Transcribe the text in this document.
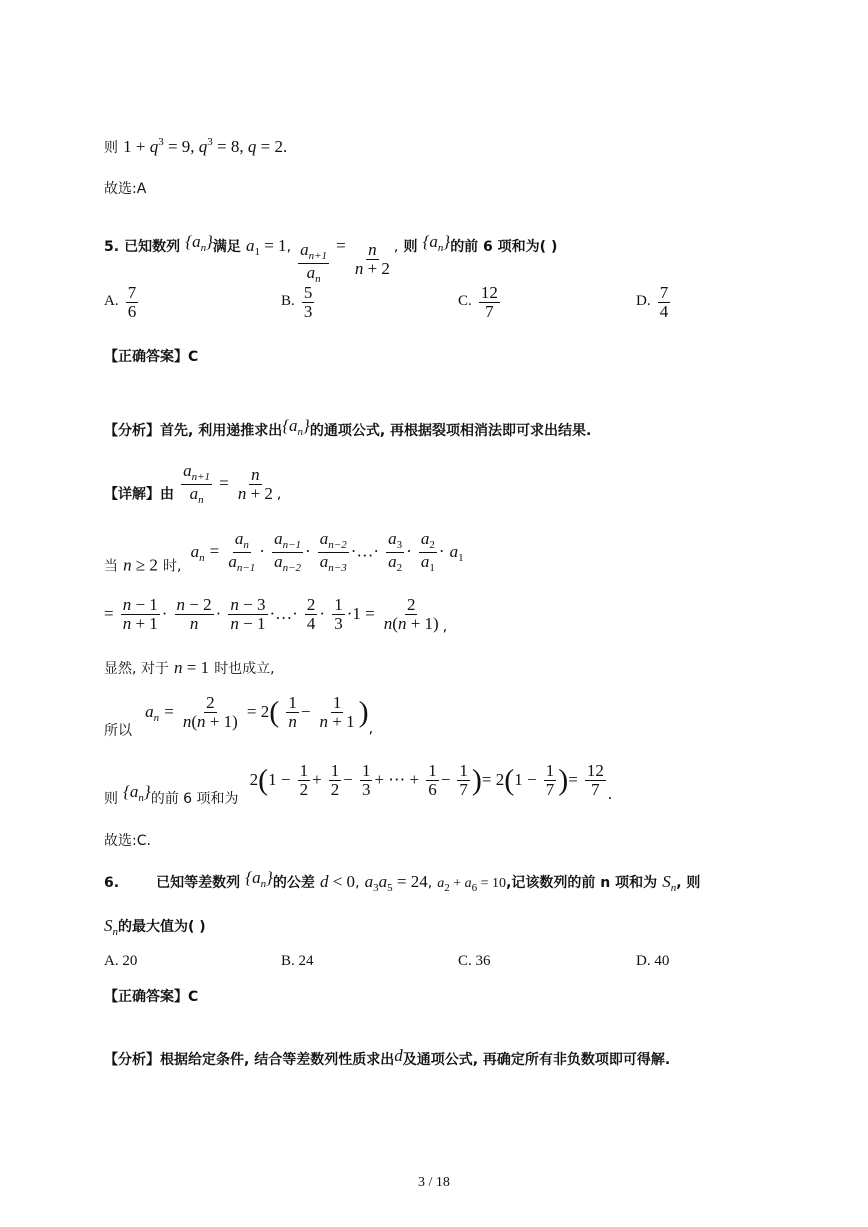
则 $1 + q^3 = 9$, $q^3 = 8$, q = 2.
故选:A
5. 已知数列 $\{a_n\}$满足 $a_1 = 1$, $\frac{a_{n+1}}{a_n} = \frac{n}{n + 2}$ , 则 $\{a_n\}$的前 6 项和为( )
A. $\frac{7}{6}$	B. $\frac{5}{3}$	C. $\frac{12}{7}$	D. $\frac{7}{4}$
【正确答案】C
【分析】首先, 利用递推求出$\{a_n\}$的通项公式, 再根据裂项相消法即可求出结果.
【详解】由 $\frac{a_{n+1}}{a_n} = \frac{n}{n + 2}$ ,
当 n ≥ 2 时, $a_n = \frac{a_n}{a_{n-1}} \cdot \frac{a_{n-1}}{a_{n-2}} \cdot \frac{a_{n-2}}{a_{n-3}}$ ·…· $\frac{a_3}{a_2} \cdot \frac{a_2}{a_1} \cdot a_1$
= $\frac{n - 1}{n + 1} \cdot \frac{n - 2}{n} \cdot \frac{n - 3}{n - 1}$ ·…· $\frac{2}{4} \cdot \frac{1}{3} \cdot 1 = \frac{2}{n(n + 1)}$ ,
显然, 对于 n = 1 时也成立,
所以 $a_n = \frac{2}{n(n + 1)} = 2( \frac{1}{n} - \frac{1}{n + 1}$ ),
则 $\{a_n\}$的前 6 项和为 $2(1 - \frac{1}{2} + \frac{1}{2} - \frac{1}{3}$ + ⋯ + $\frac{1}{6} - \frac{1}{7}$ )= $2(1 - \frac{1}{7}$ )= $\frac{12}{7}$ .
故选:C.
6.	已知等差数列 $\{a_n\}$的公差 d < 0, $a_3a_5 = 24$, $a_2 + a_6 = 10$,记该数列的前 n 项和为 $S_n$, 则
$S_n$的最大值为( )
A. 20	B. 24	C. 36	D. 40
【正确答案】C
【分析】根据给定条件, 结合等差数列性质求出d及通项公式, 再确定所有非负数项即可得解.
3 / 18
